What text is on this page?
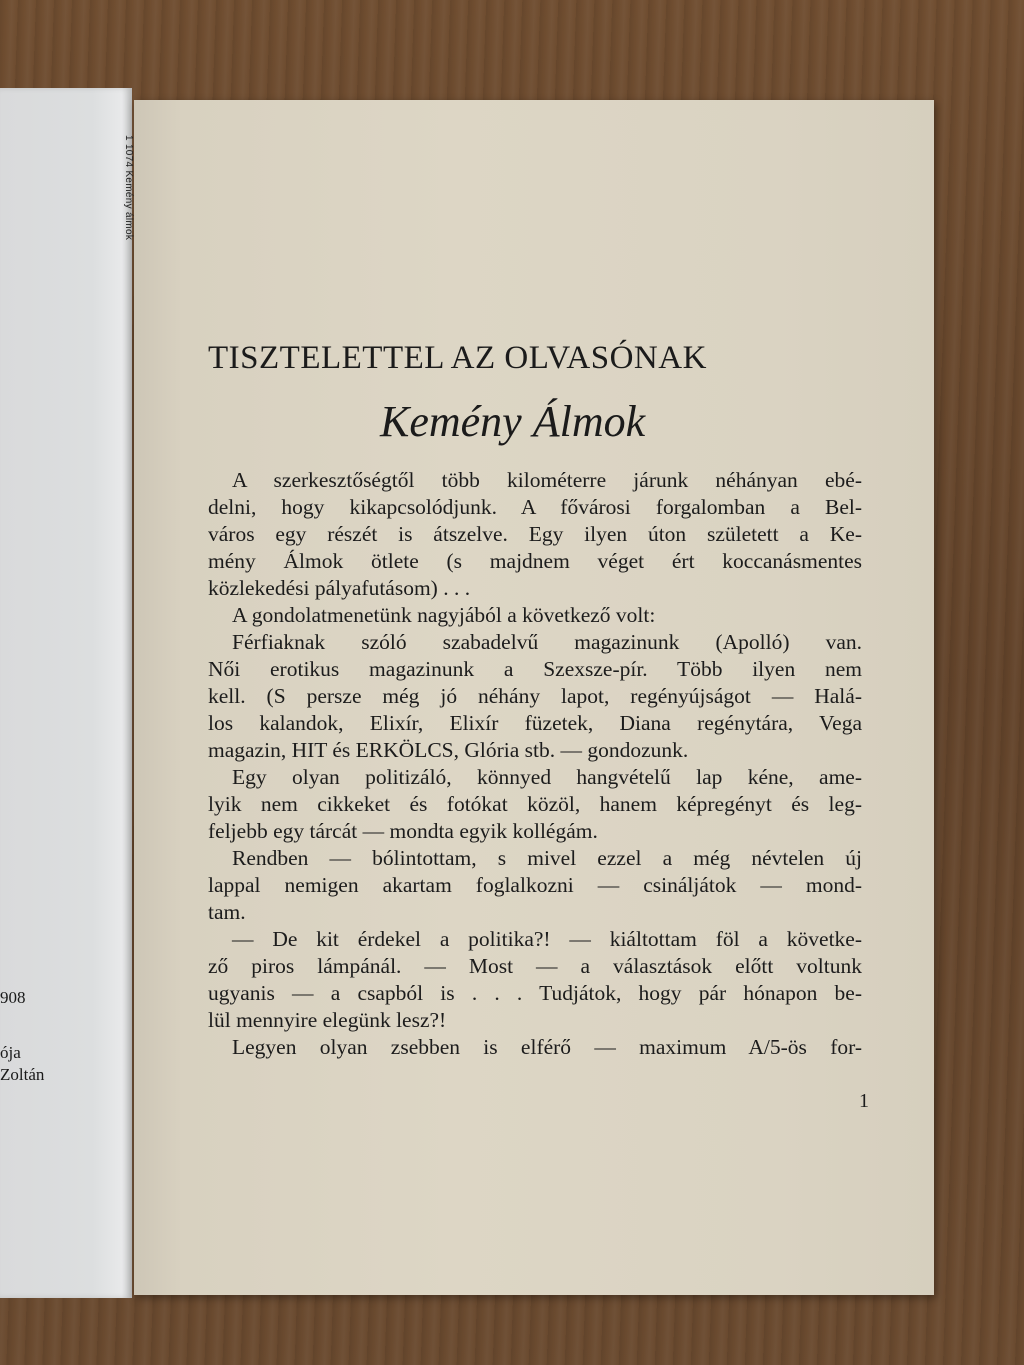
908
ója
Zoltán
1 1074 Kemény álmok
TISZTELETTEL AZ OLVASÓNAK
Kemény Álmok
A szerkesztőségtől több kilométerre járunk néhányan ebé-
delni, hogy kikapcsolódjunk. A fővárosi forgalomban a Bel-
város egy részét is átszelve. Egy ilyen úton született a Ke-
mény Álmok ötlete (s majdnem véget ért koccanásmentes
közlekedési pályafutásom) . . .
A gondolatmenetünk nagyjából a következő volt:
Férfiaknak szóló szabadelvű magazinunk (Apolló) van.
Női erotikus magazinunk a Szexsze-pír. Több ilyen nem
kell. (S persze még jó néhány lapot, regényújságot — Halá-
los kalandok, Elixír, Elixír füzetek, Diana regénytára, Vega
magazin, HIT és ERKÖLCS, Glória stb. — gondozunk.
Egy olyan politizáló, könnyed hangvételű lap kéne, ame-
lyik nem cikkeket és fotókat közöl, hanem képregényt és leg-
feljebb egy tárcát — mondta egyik kollégám.
Rendben — bólintottam, s mivel ezzel a még névtelen új
lappal nemigen akartam foglalkozni — csináljátok — mond-
tam.
— De kit érdekel a politika?! — kiáltottam föl a követke-
ző piros lámpánál. — Most — a választások előtt voltunk
ugyanis — a csapból is . . . Tudjátok, hogy pár hónapon be-
lül mennyire elegünk lesz?!
Legyen olyan zsebben is elférő — maximum A/5-ös for-
1
